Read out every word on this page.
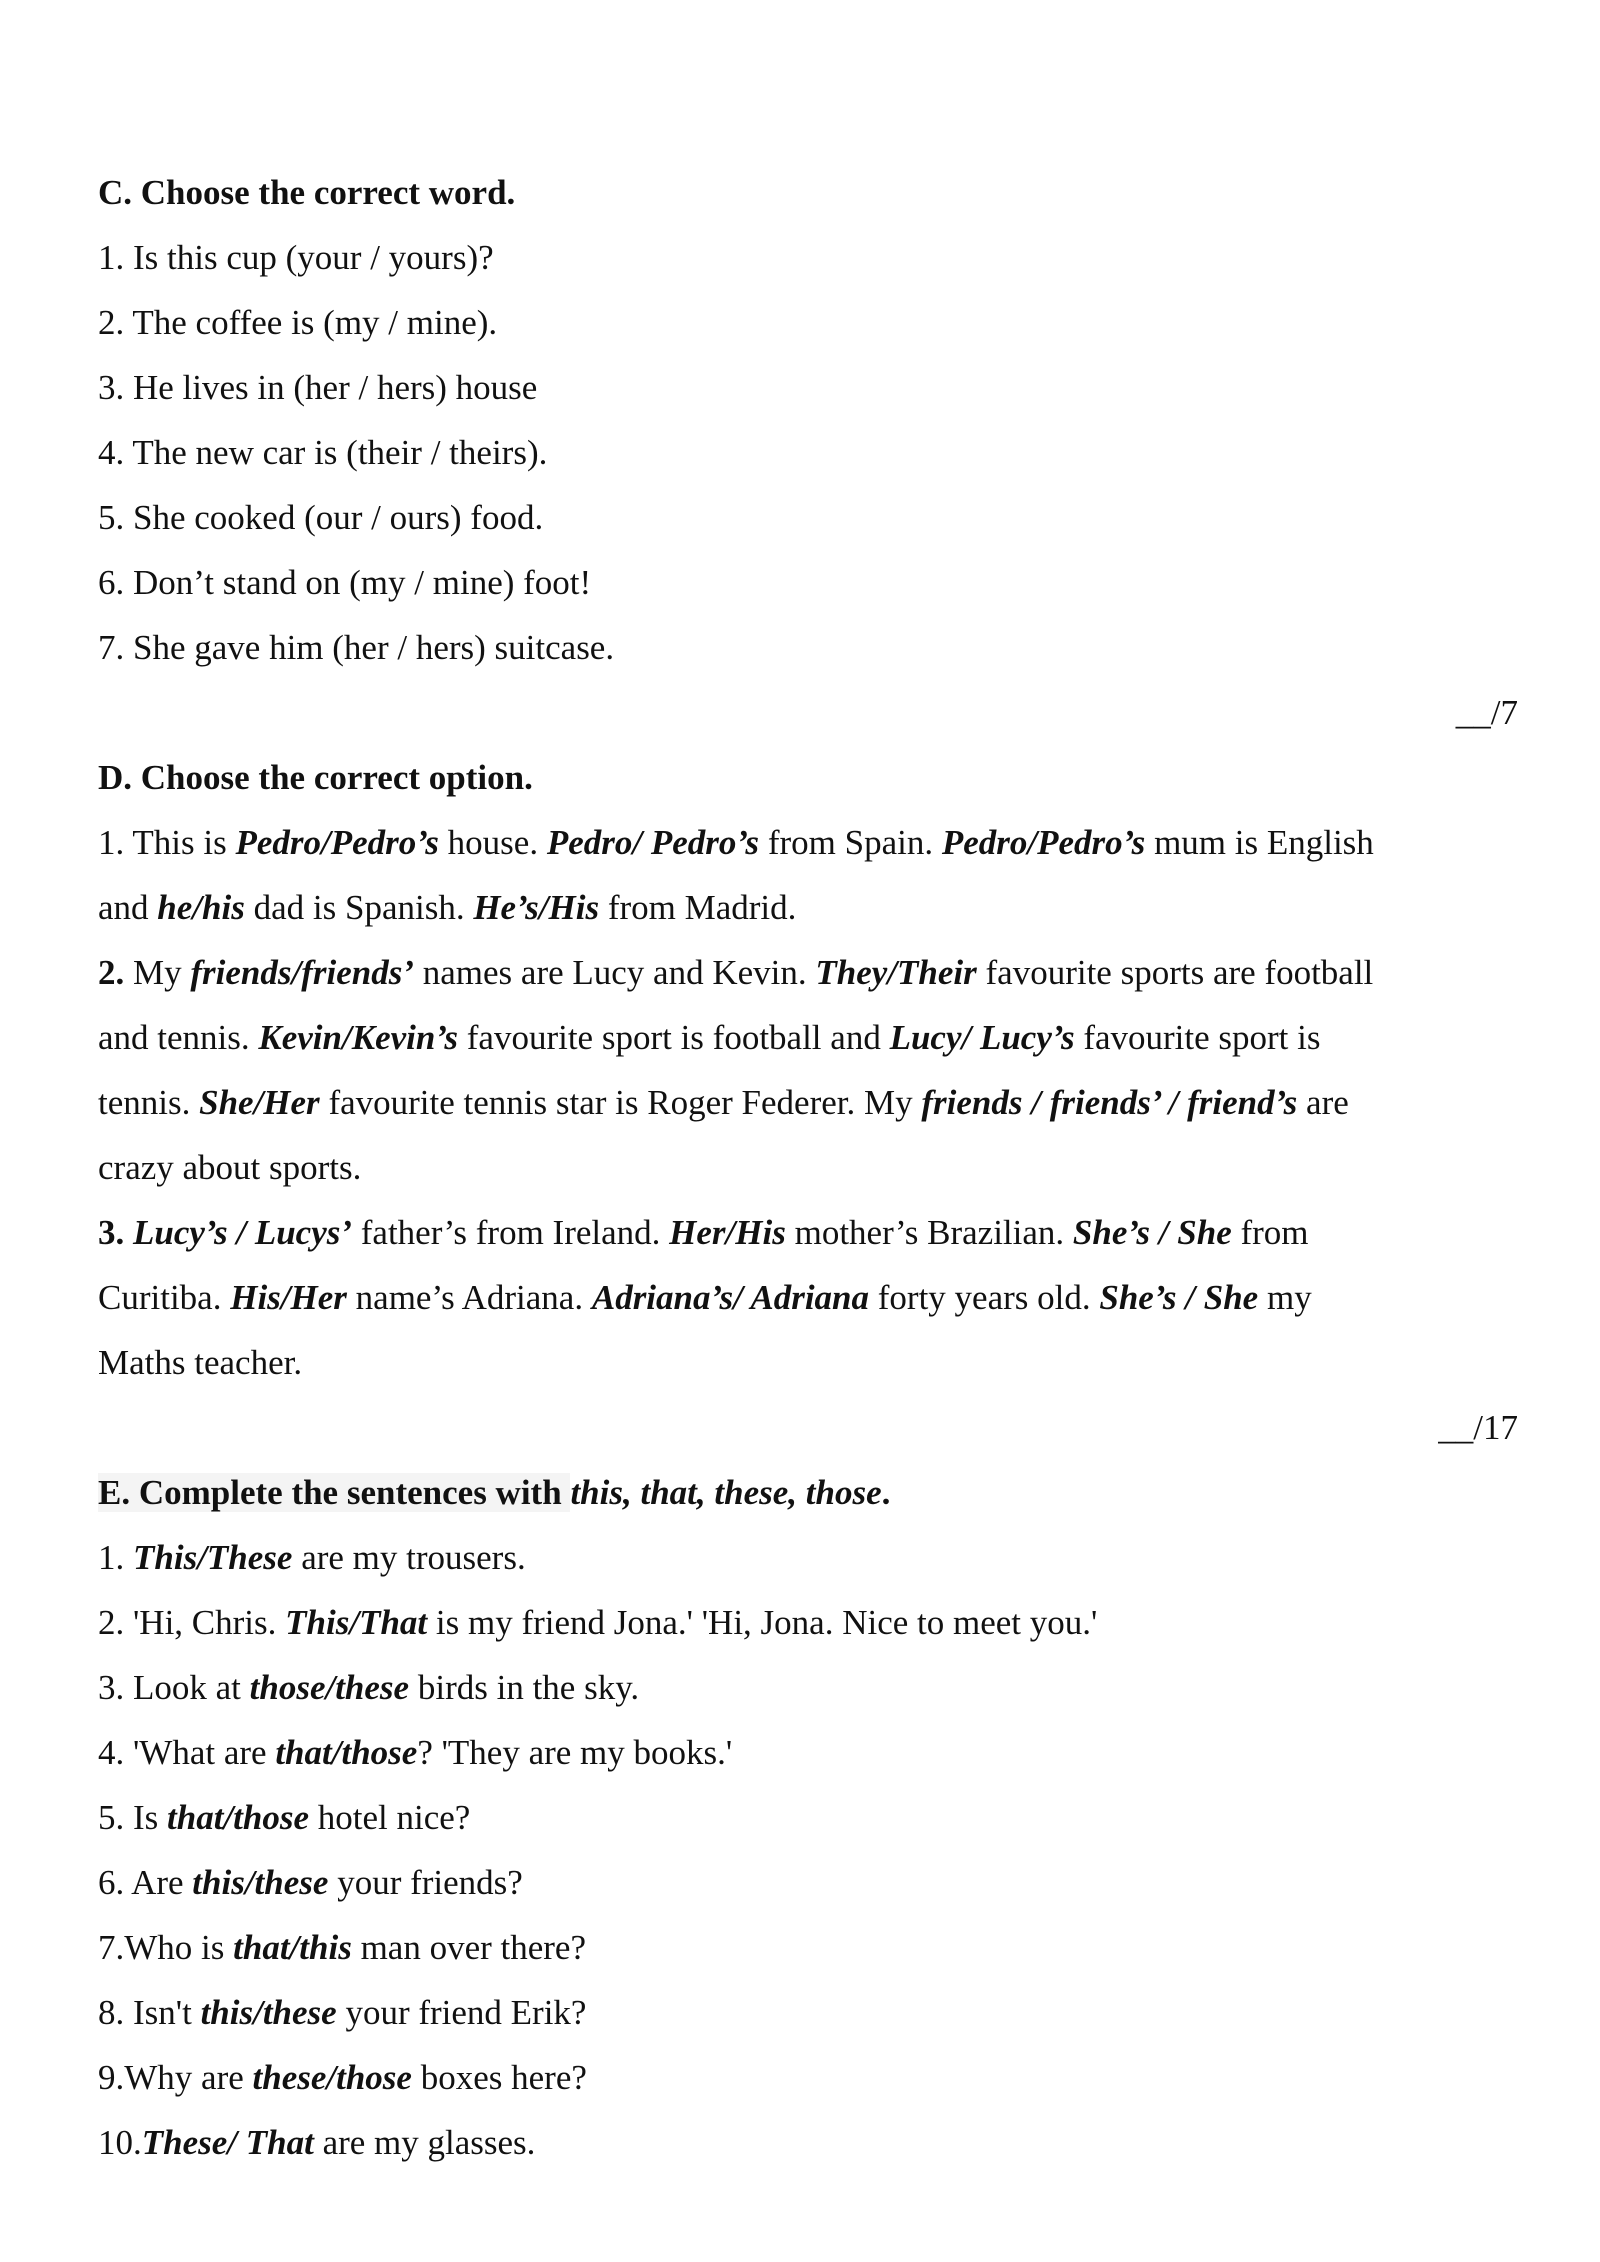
C. Choose the correct word.
1. Is this cup (your / yours)?
2. The coffee is (my / mine).
3. He lives in (her / hers) house
4. The new car is (their / theirs).
5. She cooked (our / ours) food.
6. Don’t stand on (my / mine) foot!
7. She gave him (her / hers) suitcase.
__/7
D. Choose the correct option.
1. This is Pedro/Pedro’s house. Pedro/ Pedro’s from Spain. Pedro/Pedro’s mum is English
and he/his dad is Spanish. He’s/His from Madrid.
2. My friends/friends’ names are Lucy and Kevin. They/Their favourite sports are football
and tennis. Kevin/Kevin’s favourite sport is football and Lucy/ Lucy’s favourite sport is
tennis. She/Her favourite tennis star is Roger Federer. My friends / friends’ / friend’s are
crazy about sports.
3. Lucy’s / Lucys’ father’s from Ireland. Her/His mother’s Brazilian. She’s / She from
Curitiba. His/Her name’s Adriana. Adriana’s/ Adriana forty years old. She’s / She my
Maths teacher.
__/17
E. Complete the sentences with this, that, these, those.
1. This/These are my trousers.
2. 'Hi, Chris. This/That is my friend Jona.' 'Hi, Jona. Nice to meet you.'
3. Look at those/these birds in the sky.
4. 'What are that/those? 'They are my books.'
5. Is that/those hotel nice?
6. Are this/these your friends?
7.Who is that/this man over there?
8. Isn't this/these your friend Erik?
9.Why are these/those boxes here?
10.These/ That are my glasses.
